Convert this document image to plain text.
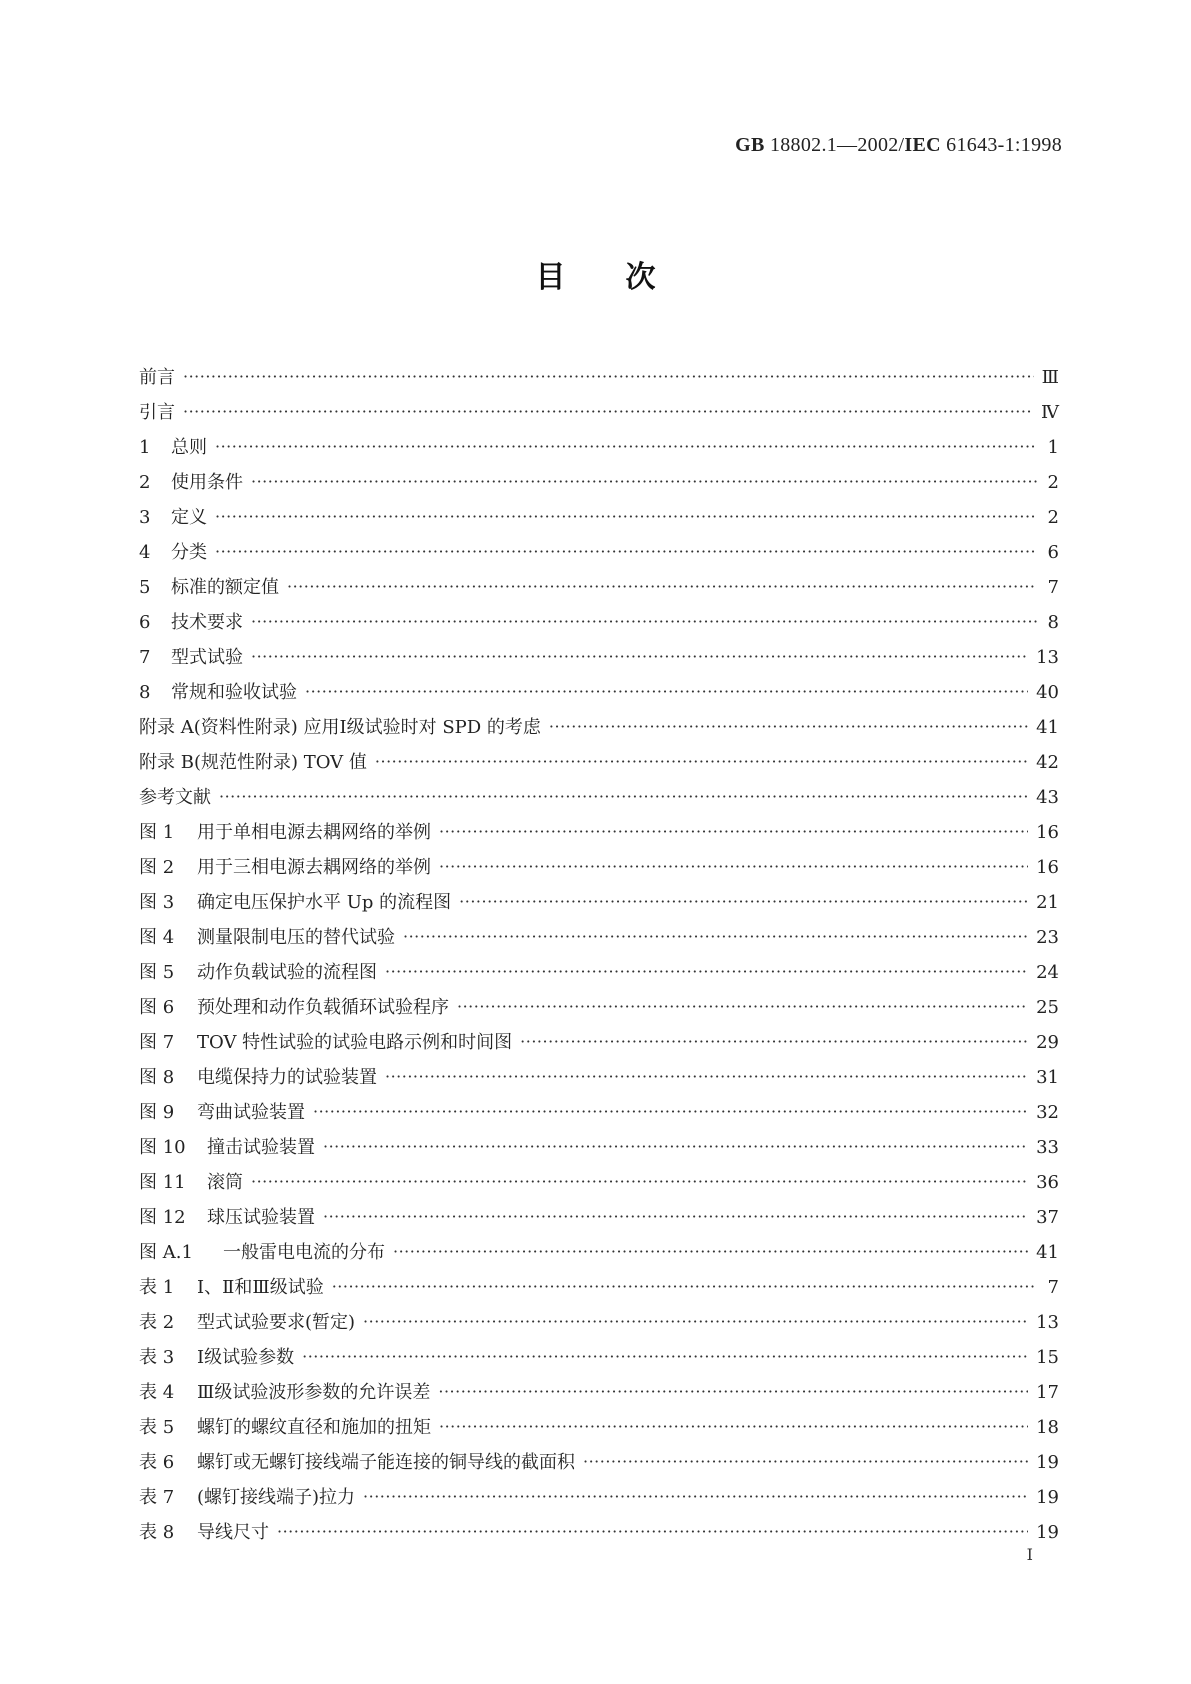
GB 18802.1—2002/IEC 61643-1:1998
目次
前言 ·····	Ⅲ
引言 ·····	Ⅳ
1	总则 ·····	1
2	使用条件 ·····	2
3	定义 ·····	2
4	分类 ·····	6
5	标准的额定值 ·····	7
6	技术要求 ·····	8
7	型式试验 ·····	13
8	常规和验收试验 ·····	40
附录 A(资料性附录) 应用Ⅰ级试验时对 SPD 的考虑 ·····	41
附录 B(规范性附录) TOV 值 ·····	42
参考文献 ·····	43
图 1	用于单相电源去耦网络的举例 ·····	16
图 2	用于三相电源去耦网络的举例 ·····	16
图 3	确定电压保护水平 Up 的流程图 ·····	21
图 4	测量限制电压的替代试验 ·····	23
图 5	动作负载试验的流程图 ·····	24
图 6	预处理和动作负载循环试验程序 ·····	25
图 7	TOV 特性试验的试验电路示例和时间图 ·····	29
图 8	电缆保持力的试验装置 ·····	31
图 9	弯曲试验装置 ·····	32
图 10	撞击试验装置 ·····	33
图 11	滚筒 ·····	36
图 12	球压试验装置 ·····	37
图 A.1	一般雷电电流的分布 ·····	41
表 1	Ⅰ、Ⅱ和Ⅲ级试验 ·····	7
表 2	型式试验要求(暂定) ·····	13
表 3	Ⅰ级试验参数 ·····	15
表 4	Ⅲ级试验波形参数的允许误差 ·····	17
表 5	螺钉的螺纹直径和施加的扭矩 ·····	18
表 6	螺钉或无螺钉接线端子能连接的铜导线的截面积 ·····	19
表 7	(螺钉接线端子)拉力 ·····	19
表 8	导线尺寸 ·····	19
Ⅰ
